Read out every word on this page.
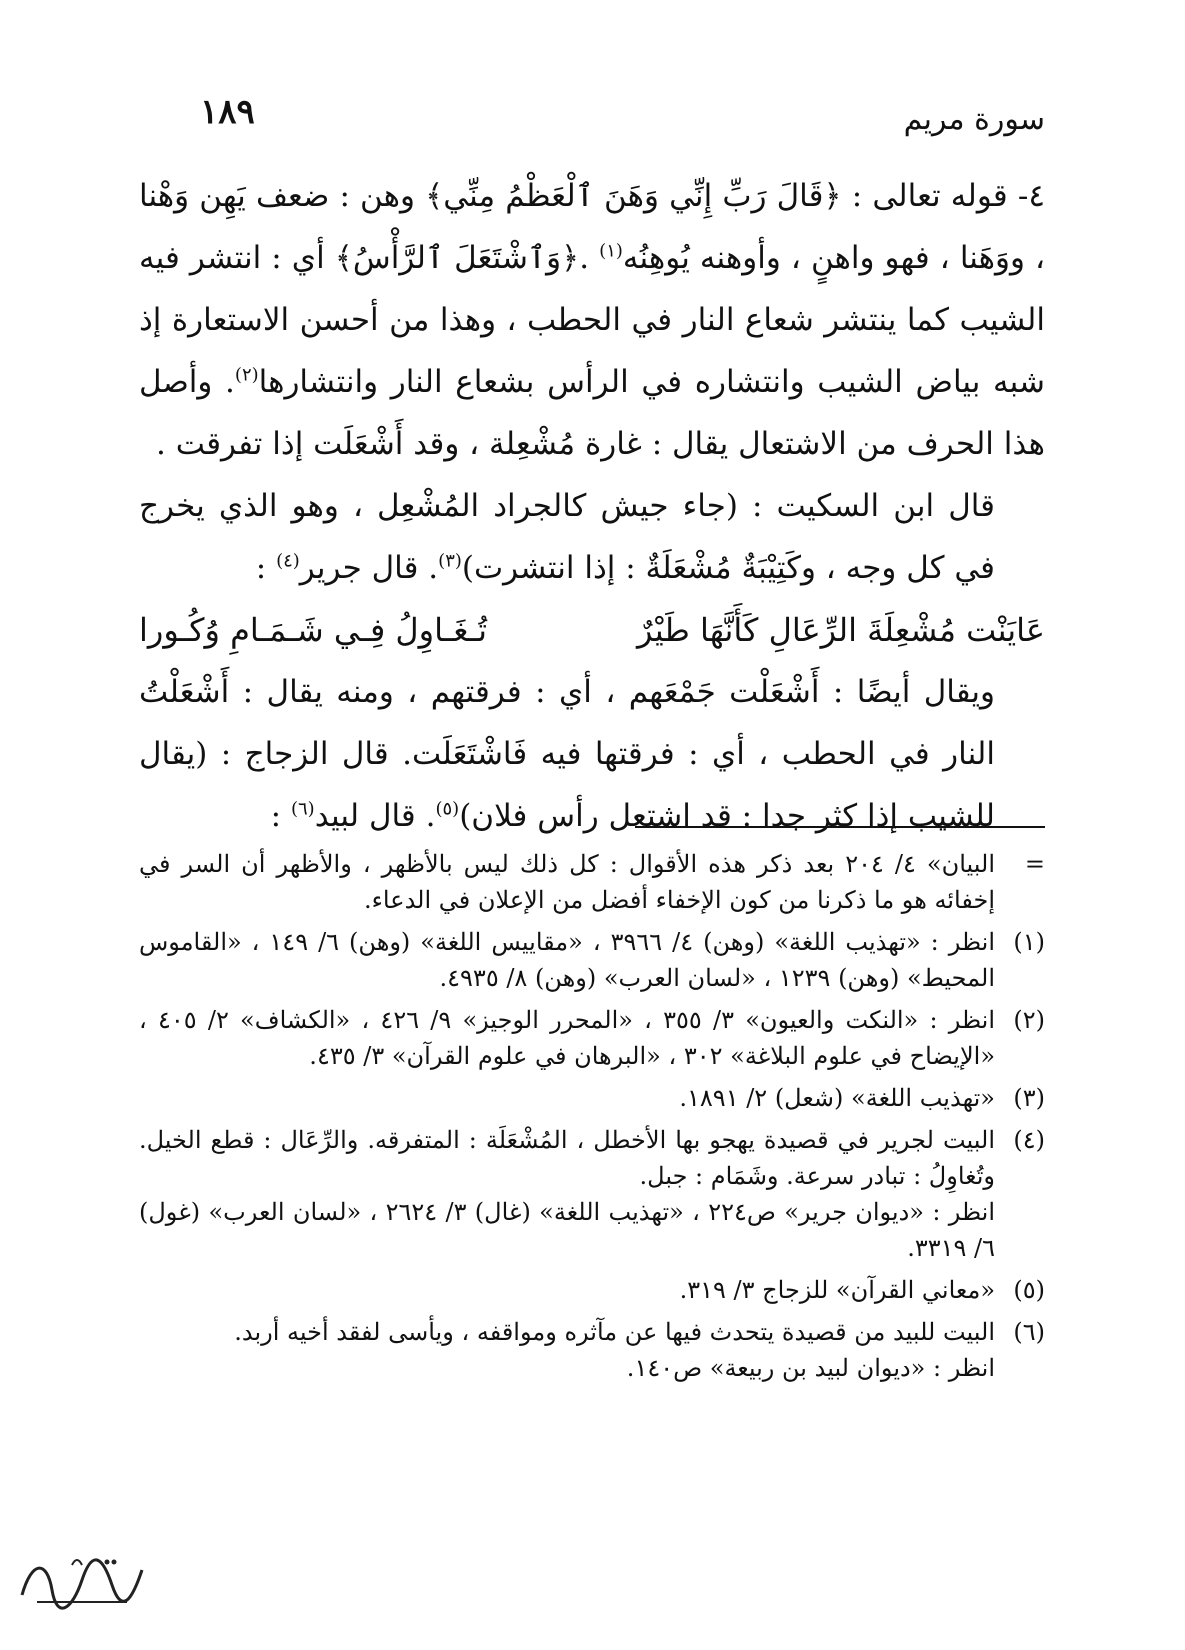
سورة مريم
١٨٩

٤- قوله تعالى : ﴿قَالَ رَبِّ إِنِّي وَهَنَ ٱلْعَظْمُ مِنِّي﴾ وهن : ضعف يَهِن وَهْنا ، ووَهَنا ، فهو واهنٍ ، وأوهنه يُوهِنُه$^{(١)}$ .﴿وَٱشْتَعَلَ ٱلرَّأْسُ﴾ أي : انتشر فيه الشيب كما ينتشر شعاع النار في الحطب ، وهذا من أحسن الاستعارة إذ شبه بياض الشيب وانتشاره في الرأس بشعاع النار وانتشارها$^{(٢)}$. وأصل هذا الحرف من الاشتعال يقال : غارة مُشْعِلة ، وقد أَشْعَلَت إذا تفرقت .

قال ابن السكيت : (جاء جيش كالجراد المُشْعِل ، وهو الذي يخرج في كل وجه ، وكَتِيْبَةٌ مُشْعَلَةٌ : إذا انتشرت)$^{(٣)}$. قال جرير$^{(٤)}$ :

عَايَنْت مُشْعِلَةَ الرِّعَالِ كَأَنَّهَا طَيْرٌ
تُـغَـاوِلُ فِـي شَـمَـامِ وُكُـورا

ويقال أيضًا : أَشْعَلْت جَمْعَهم ، أي : فرقتهم ، ومنه يقال : أَشْعَلْتُ النار في الحطب ، أي : فرقتها فيه فَاشْتَعَلَت. قال الزجاج : (يقال للشيب إذا كثر جدا : قد اشتعل رأس فلان)$^{(٥)}$. قال لبيد$^{(٦)}$ :

=

البيان» ٤/ ٢٠٤ بعد ذكر هذه الأقوال : كل ذلك ليس بالأظهر ، والأظهر أن السر في إخفائه هو ما ذكرنا من كون الإخفاء أفضل من الإعلان في الدعاء.

(١)

انظر : «تهذيب اللغة» (وهن) ٤/ ٣٩٦٦ ، «مقاييس اللغة» (وهن) ٦/ ١٤٩ ، «القاموس المحيط» (وهن) ١٢٣٩ ، «لسان العرب» (وهن) ٨/ ٤٩٣٥.

(٢)

انظر : «النكت والعيون» ٣/ ٣٥٥ ، «المحرر الوجيز» ٩/ ٤٢٦ ، «الكشاف» ٢/ ٤٠٥ ، «الإيضاح في علوم البلاغة» ٣٠٢ ، «البرهان في علوم القرآن» ٣/ ٤٣٥.

(٣)

«تهذيب اللغة» (شعل) ٢/ ١٨٩١.

(٤)

البيت لجرير في قصيدة يهجو بها الأخطل ، المُشْعَلَة : المتفرقه. والرِّعَال : قطع الخيل. وتُغاوِلُ : تبادر سرعة. وشَمَام : جبل.

انظر : «ديوان جرير» ص٢٢٤ ، «تهذيب اللغة» (غال) ٣/ ٢٦٢٤ ، «لسان العرب» (غول) ٦/ ٣٣١٩.

(٥)

«معاني القرآن» للزجاج ٣/ ٣١٩.

(٦)

البيت للبيد من قصيدة يتحدث فيها عن مآثره ومواقفه ، ويأسى لفقد أخيه أربد.

انظر : «ديوان لبيد بن ربيعة» ص١٤٠.
